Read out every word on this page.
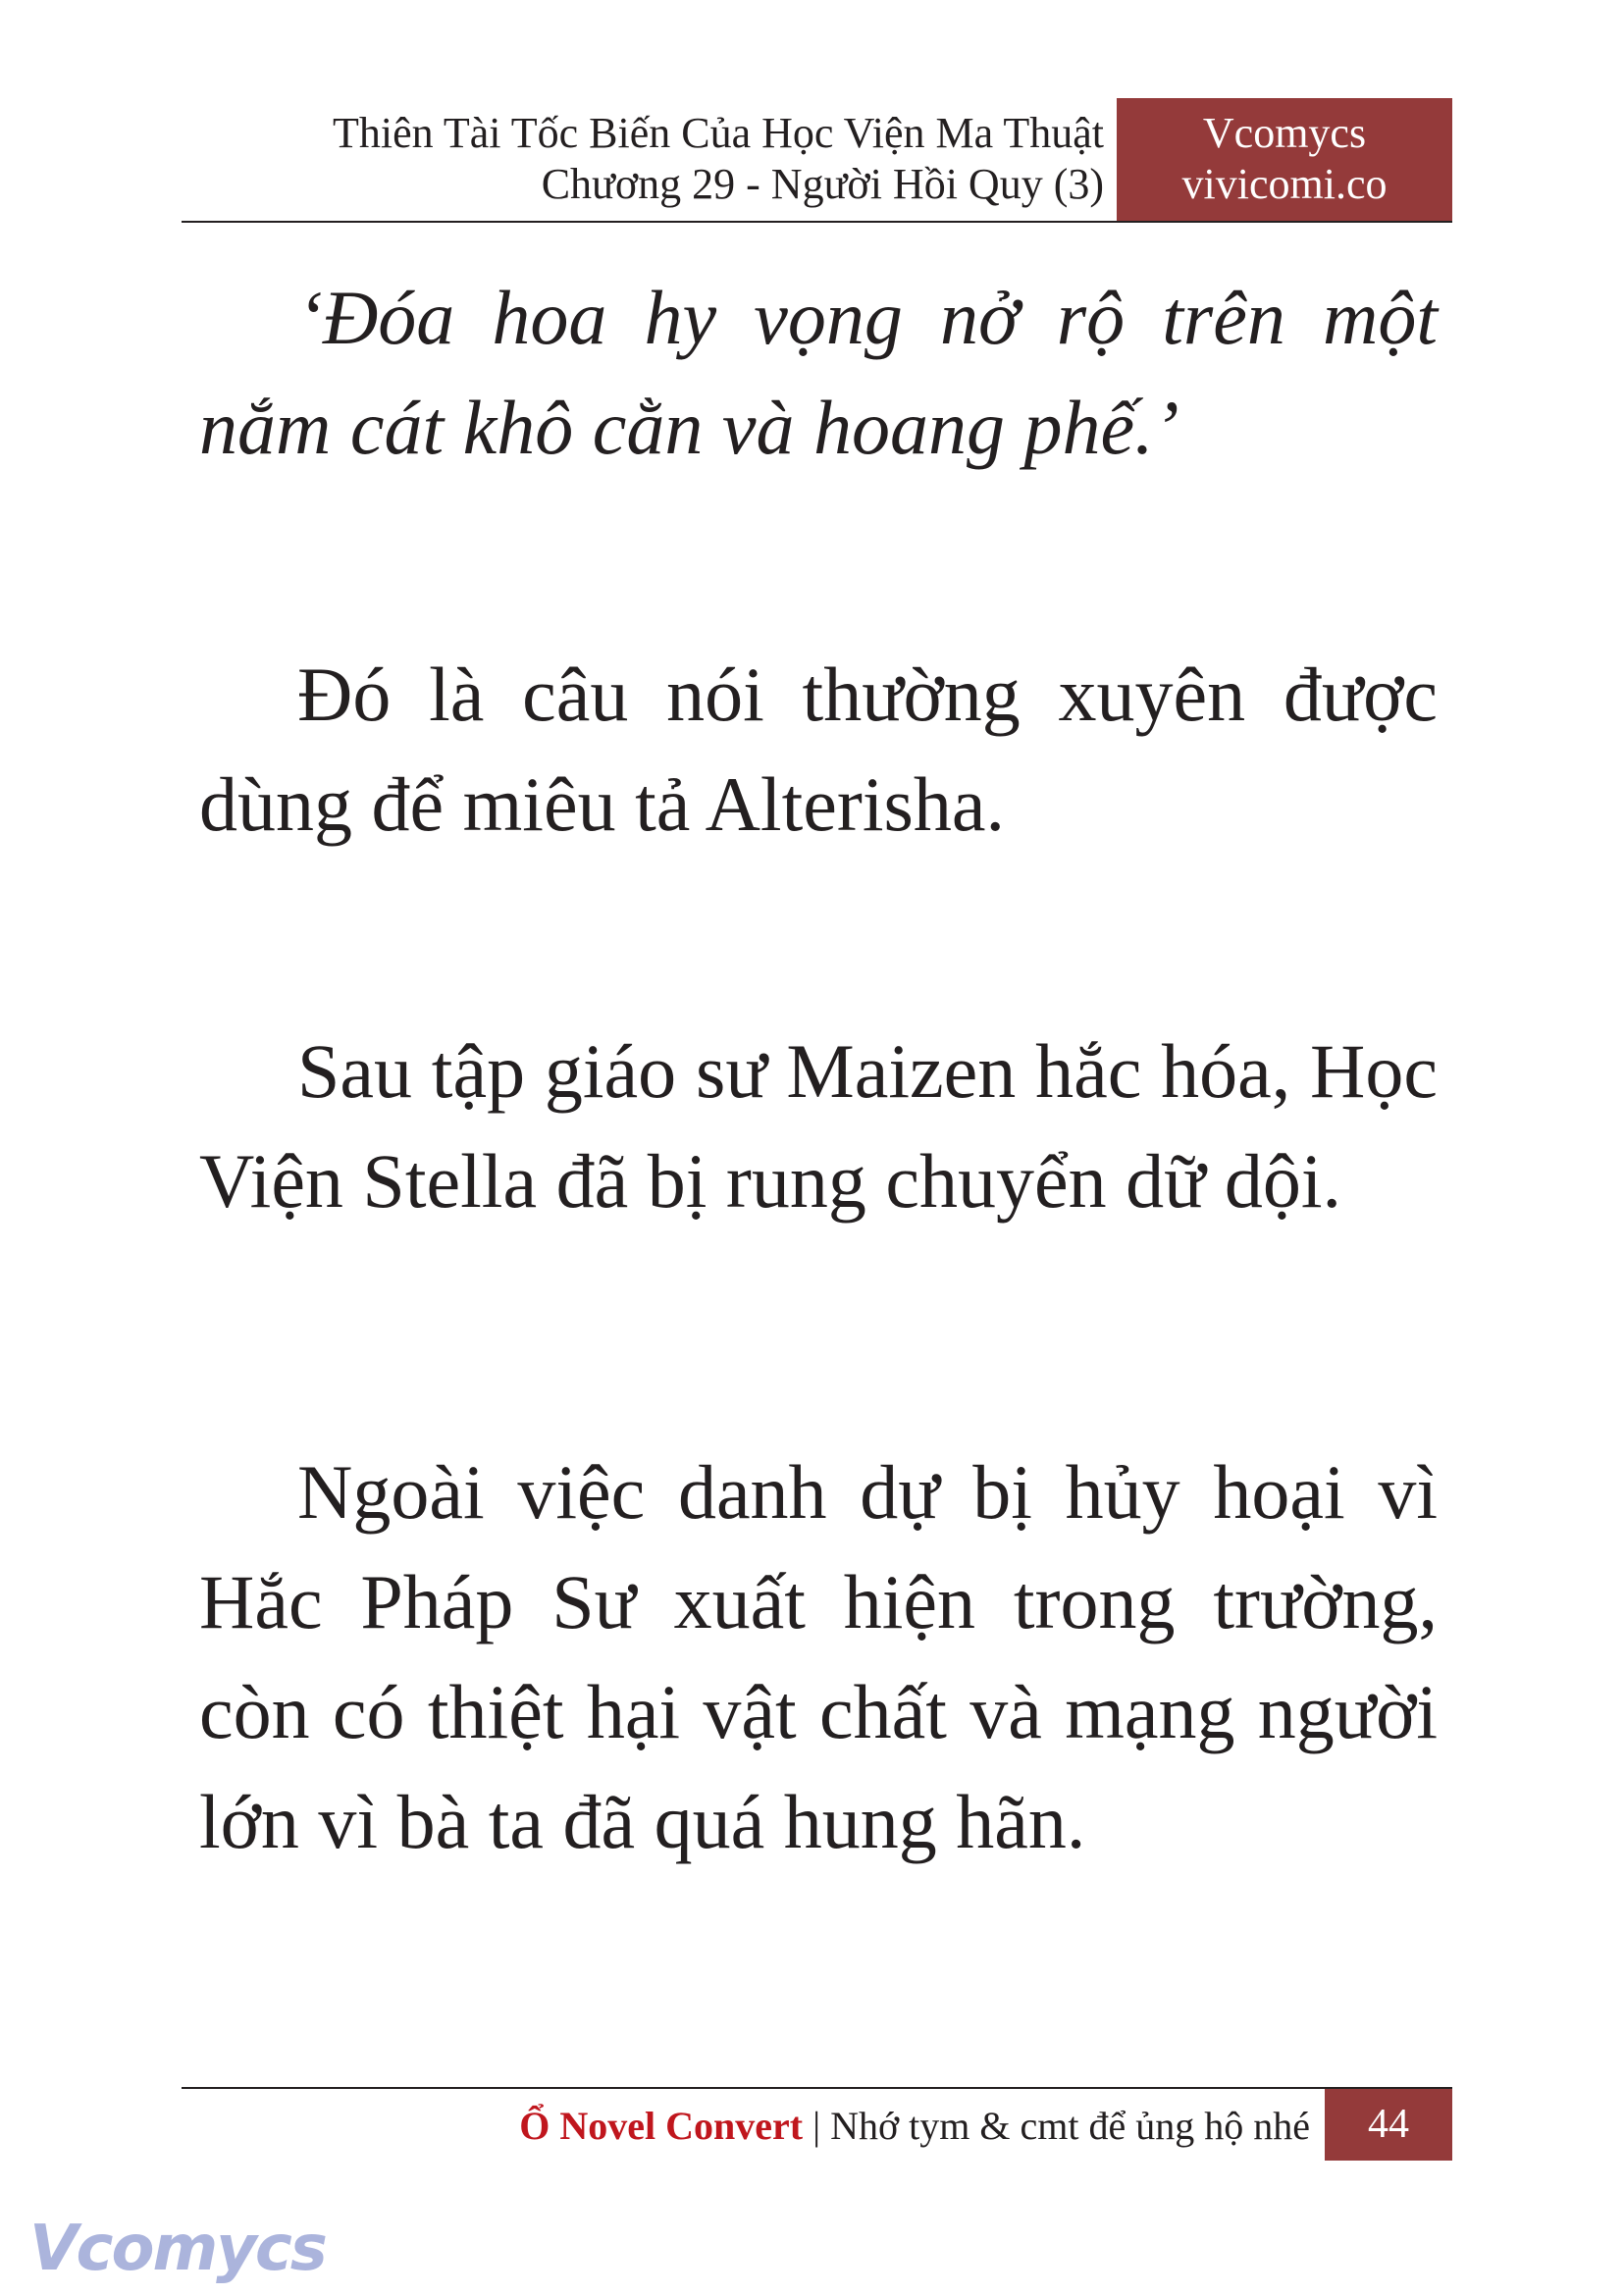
Thiên Tài Tốc Biến Của Học Viện Ma Thuật
Chương 29 - Người Hồi Quy (3)
Vcomycs
vivicomi.co

‘Đóa hoa hy vọng nở rộ trên một nắm cát khô cằn và hoang phế.’

Đó là câu nói thường xuyên được dùng để miêu tả Alterisha.

Sau tập giáo sư Maizen hắc hóa, Học Viện Stella đã bị rung chuyển dữ dội.

Ngoài việc danh dự bị hủy hoại vì Hắc Pháp Sư xuất hiện trong trường, còn có thiệt hại vật chất và mạng người lớn vì bà ta đã quá hung hãn.

Ổ Novel Convert | Nhớ tym & cmt để ủng hộ nhé	44
Vcomycs
